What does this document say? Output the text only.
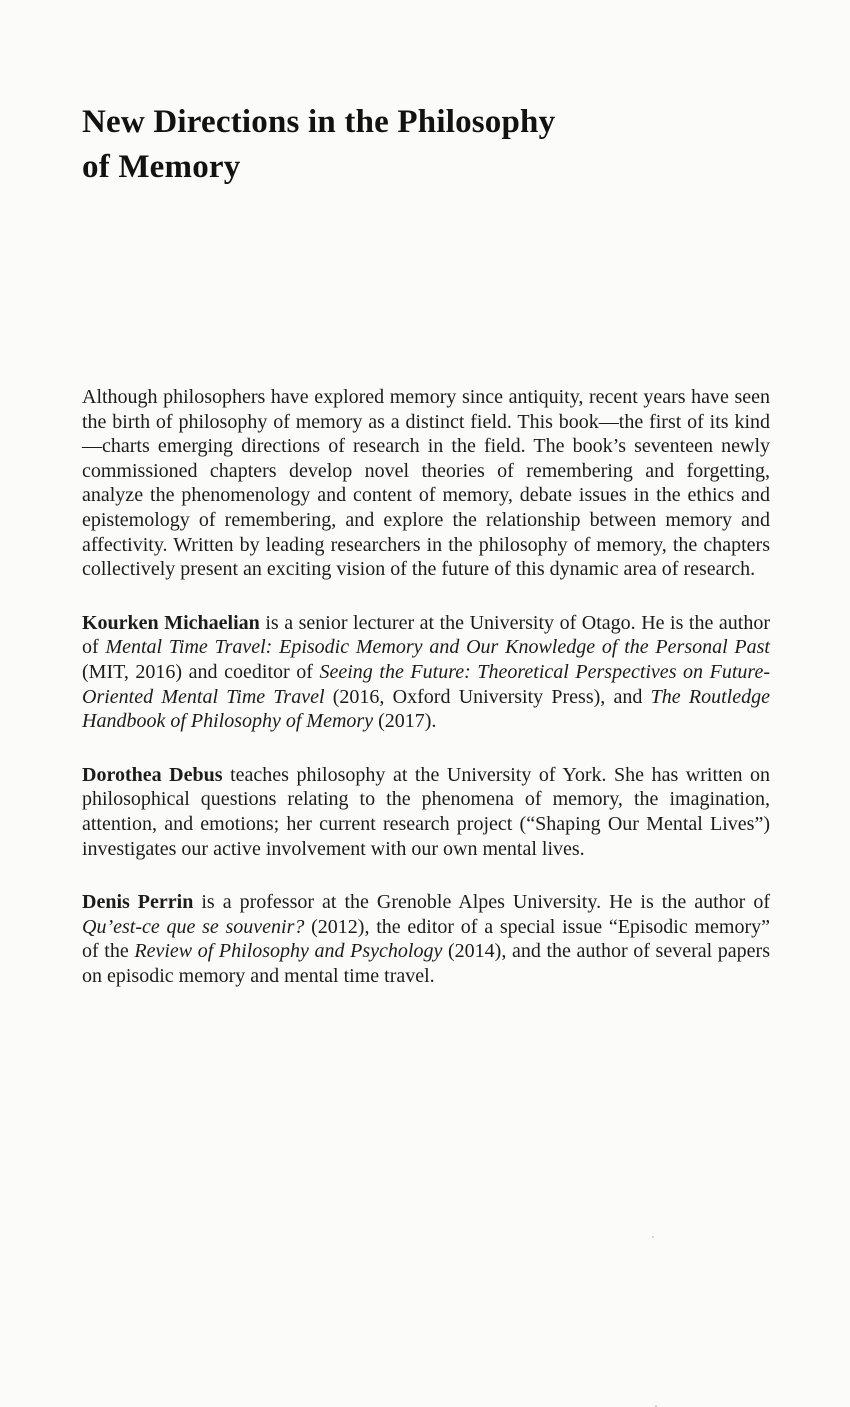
New Directions in the Philosophy
of Memory

Although philosophers have explored memory since antiquity, recent years have seen the birth of philosophy of memory as a distinct field. This book—the first of its kind—charts emerging directions of research in the field. The book’s seventeen newly commissioned chapters develop novel theories of remembering and forgetting, analyze the phenomenology and content of memory, debate issues in the ethics and epistemology of remembering, and explore the relationship between memory and affectivity. Written by leading researchers in the philosophy of memory, the chapters collectively present an exciting vision of the future of this dynamic area of research.

Kourken Michaelian is a senior lecturer at the University of Otago. He is the author of Mental Time Travel: Episodic Memory and Our Knowledge of the Personal Past (MIT, 2016) and coeditor of Seeing the Future: Theoretical Perspectives on Future-Oriented Mental Time Travel (2016, Oxford University Press), and The Routledge Handbook of Philosophy of Memory (2017).

Dorothea Debus teaches philosophy at the University of York. She has written on philosophical questions relating to the phenomena of memory, the imagination, attention, and emotions; her current research project (“Shaping Our Mental Lives”) investigates our active involvement with our own mental lives.

Denis Perrin is a professor at the Grenoble Alpes University. He is the author of Qu’est-ce que se souvenir? (2012), the editor of a special issue “Episodic memory” of the Review of Philosophy and Psychology (2014), and the author of several papers on episodic memory and mental time travel.
